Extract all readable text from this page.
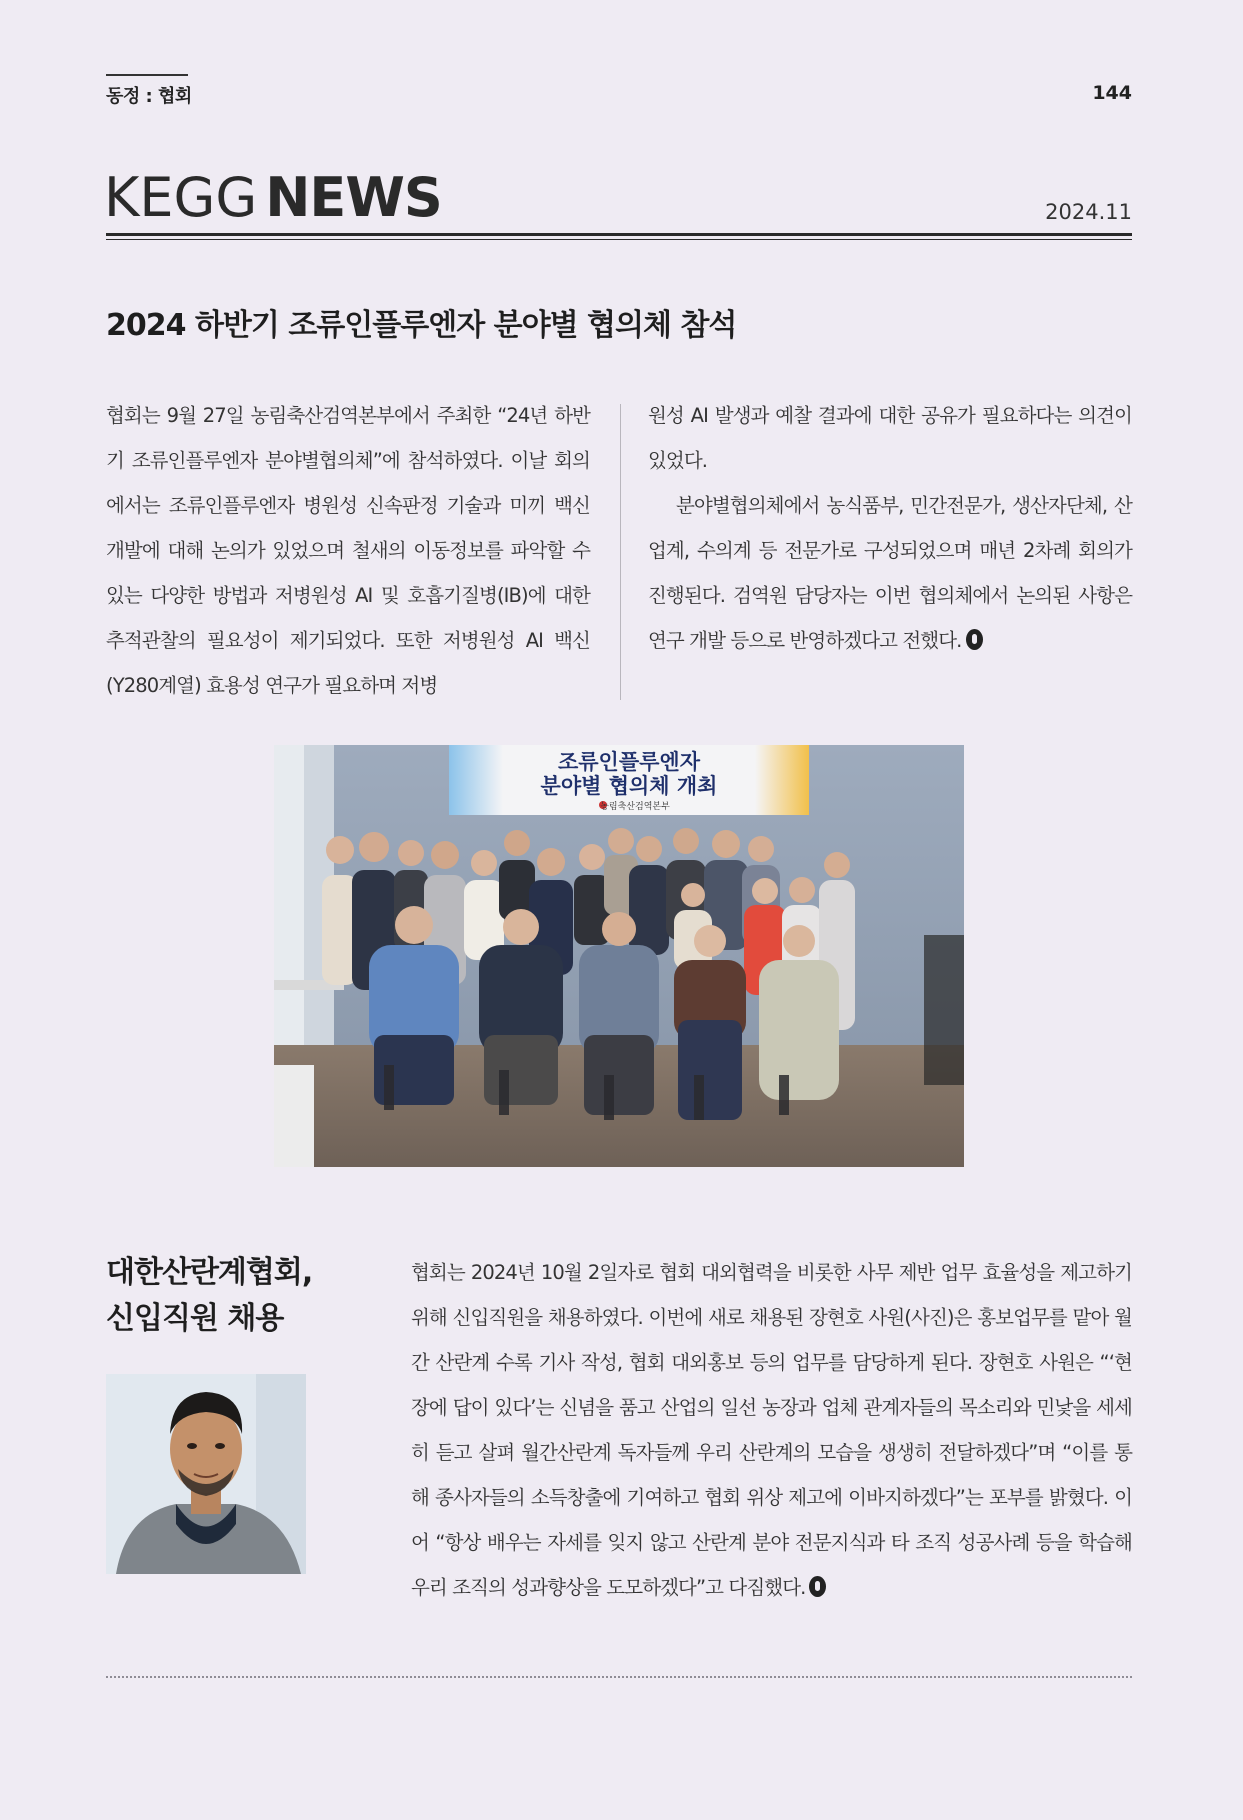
동정 : 협회	144
KEGG NEWS	2024.11
2024 하반기 조류인플루엔자 분야별 협의체 참석
협회는 9월 27일 농림축산검역본부에서 주최한 “24년 하반기 조류인플루엔자 분야별협의체”에 참석하였다. 이날 회의에서는 조류인플루엔자 병원성 신속판정 기술과 미끼 백신 개발에 대해 논의가 있었으며 철새의 이동정보를 파악할 수 있는 다양한 방법과 저병원성 AI 및 호흡기질병(IB)에 대한 추적관찰의 필요성이 제기되었다. 또한 저병원성 AI 백신(Y280계열) 효용성 연구가 필요하며 저병
원성 AI 발생과 예찰 결과에 대한 공유가 필요하다는 의견이 있었다.
분야별협의체에서 농식품부, 민간전문가, 생산자단체, 산업계, 수의계 등 전문가로 구성되었으며 매년 2차례 회의가 진행된다. 검역원 담당자는 이번 협의체에서 논의된 사항은 연구 개발 등으로 반영하겠다고 전했다.
조류인플루엔자
분야별 협의체 개최
농림축산검역본부
대한산란계협회,
신입직원 채용
협회는 2024년 10월 2일자로 협회 대외협력을 비롯한 사무 제반 업무 효율성을 제고하기 위해 신입직원을 채용하였다. 이번에 새로 채용된 장현호 사원(사진)은 홍보업무를 맡아 월간 산란계 수록 기사 작성, 협회 대외홍보 등의 업무를 담당하게 된다. 장현호 사원은 “‘현장에 답이 있다’는 신념을 품고 산업의 일선 농장과 업체 관계자들의 목소리와 민낯을 세세히 듣고 살펴 월간산란계 독자들께 우리 산란계의 모습을 생생히 전달하겠다”며 “이를 통해 종사자들의 소득창출에 기여하고 협회 위상 제고에 이바지하겠다”는 포부를 밝혔다. 이어 “항상 배우는 자세를 잊지 않고 산란계 분야 전문지식과 타 조직 성공사례 등을 학습해 우리 조직의 성과향상을 도모하겠다”고 다짐했다.
